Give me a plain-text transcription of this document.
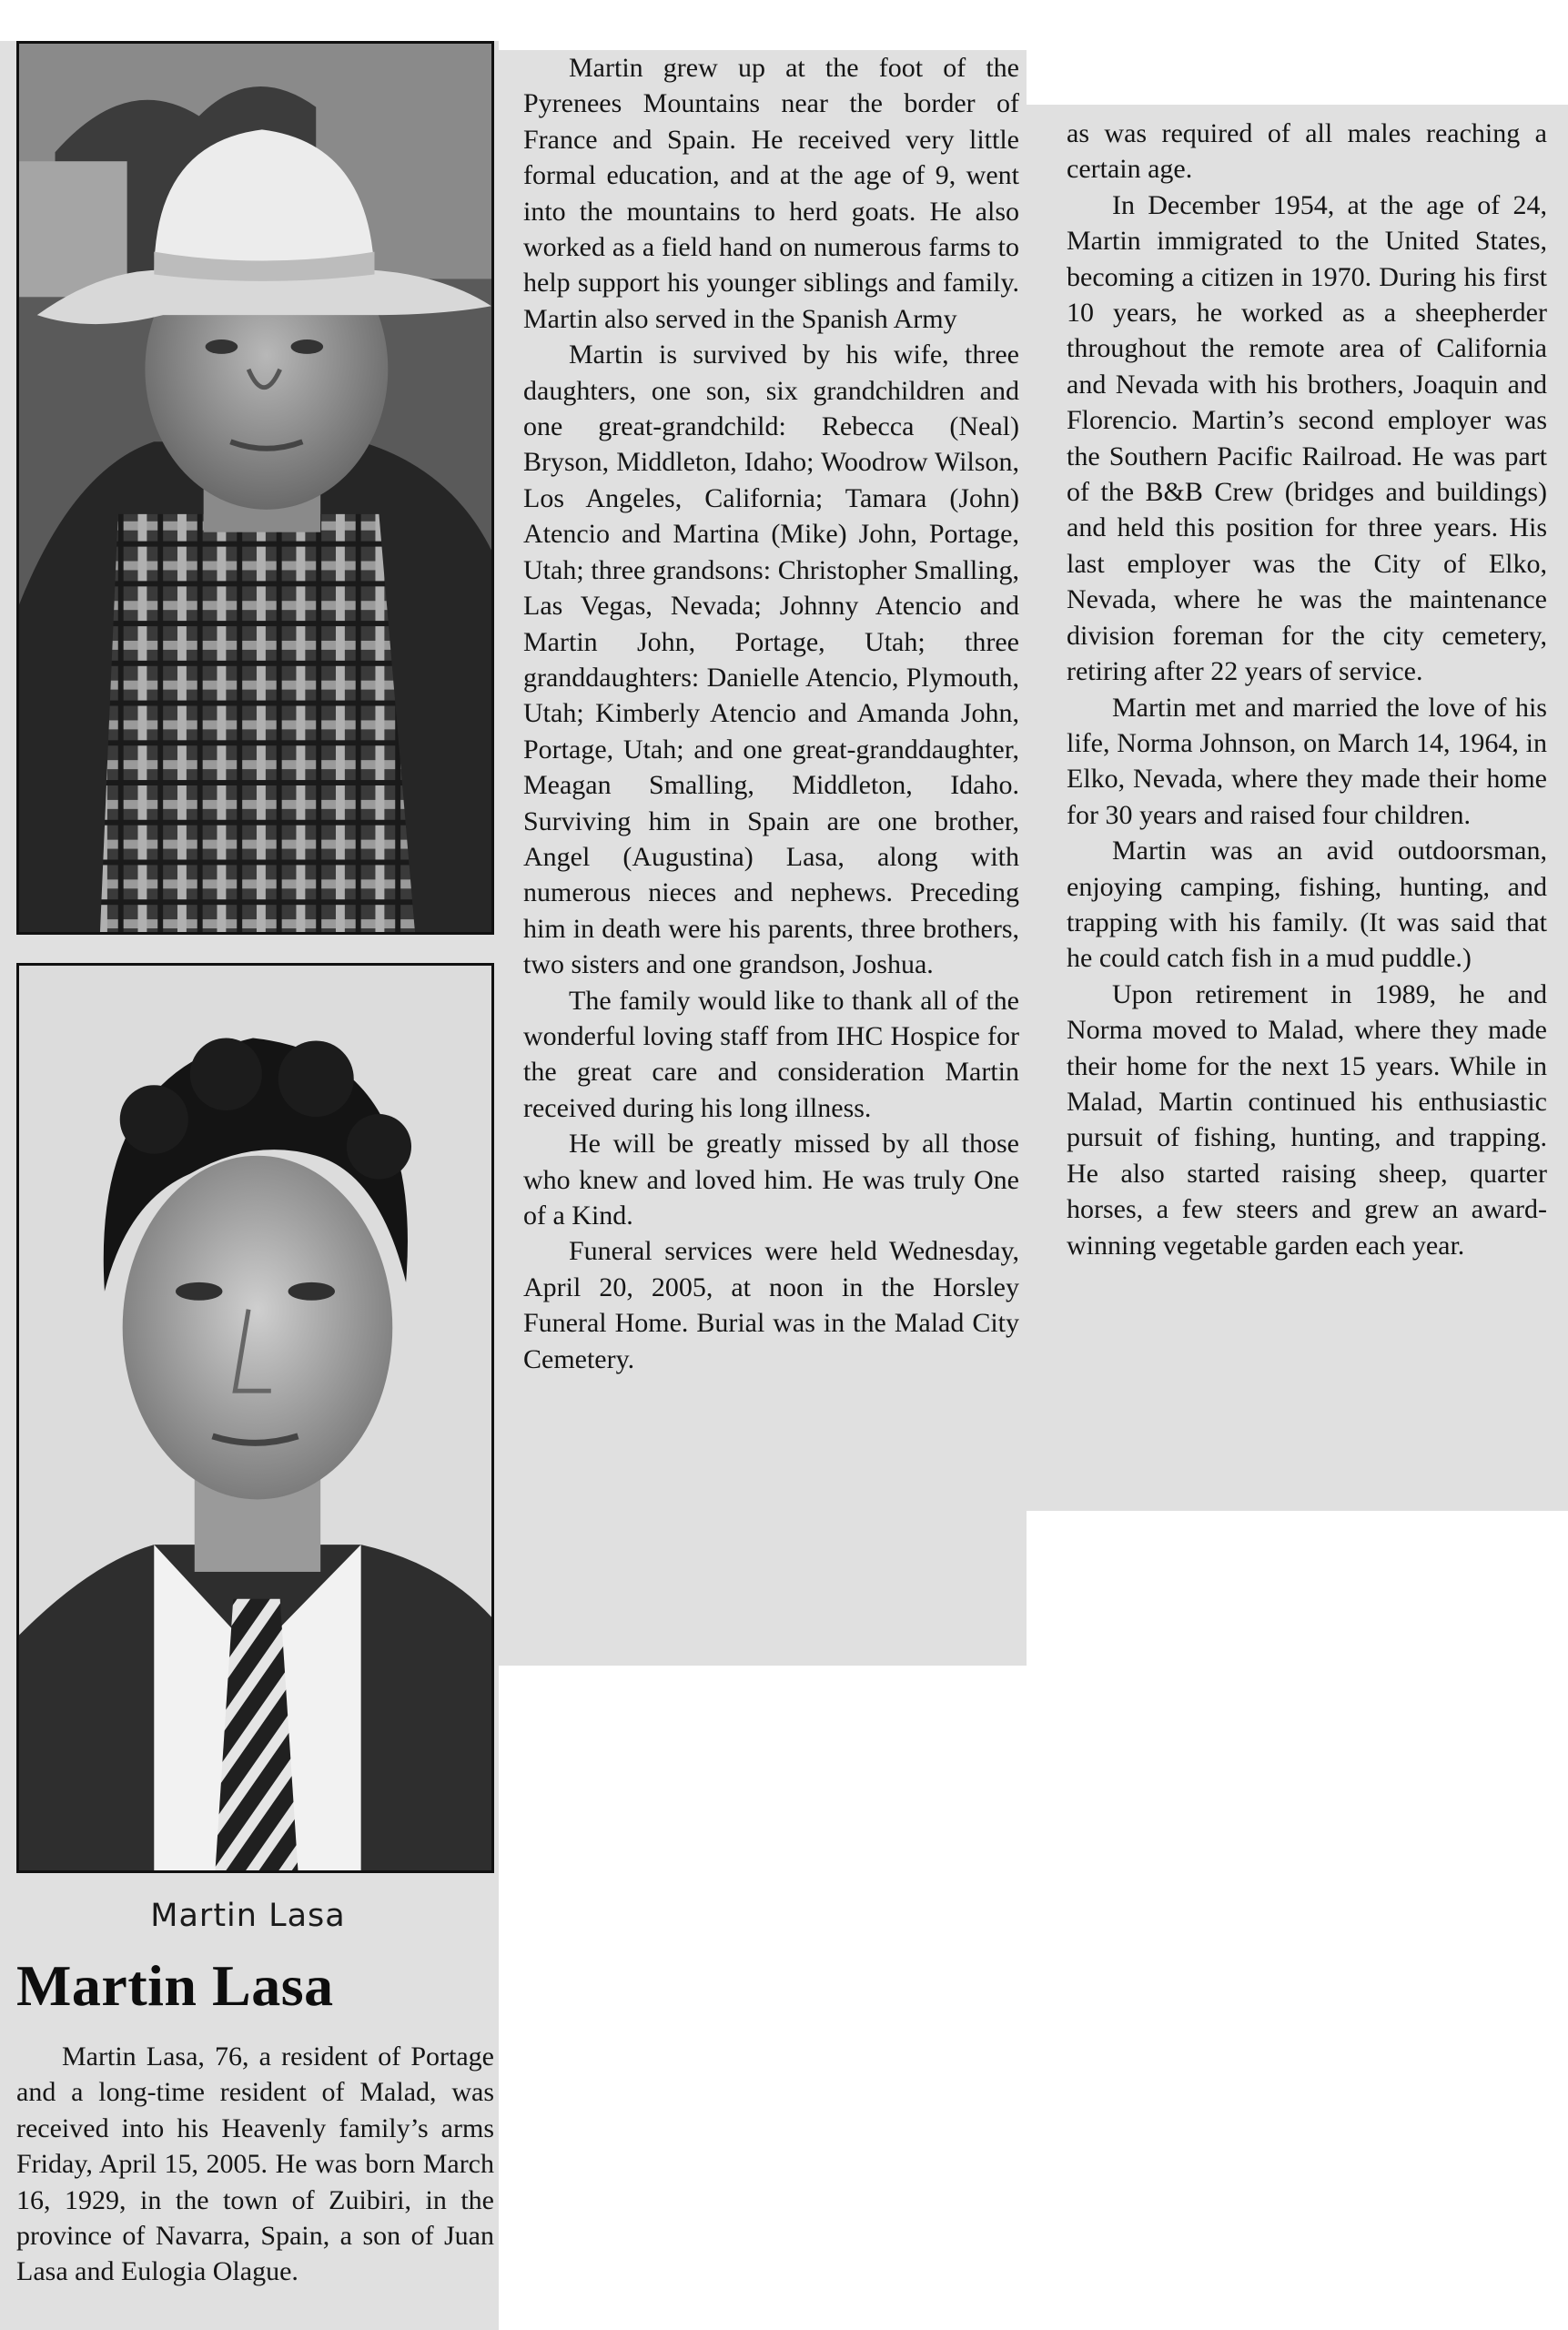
Martin Lasa
Martin Lasa

Martin Lasa, 76, a resident of Portage and a long-time resident of Malad, was received into his Heavenly family’s arms Friday, April 15, 2005. He was born March 16, 1929, in the town of Zuibiri, in the province of Navarra, Spain, a son of Juan Lasa and Eulogia Olague.

Martin grew up at the foot of the Pyrenees Mountains near the border of France and Spain. He received very little formal education, and at the age of 9, went into the mountains to herd goats. He also worked as a field hand on numerous farms to help support his younger siblings and family. Martin also served in the Spanish Army

Martin is survived by his wife, three daughters, one son, six grandchildren and one great-grandchild: Rebecca (Neal) Bryson, Middleton, Idaho; Woodrow Wilson, Los Angeles, California; Tamara (John) Atencio and Martina (Mike) John, Portage, Utah; three grandsons: Christopher Smalling, Las Vegas, Nevada; Johnny Atencio and Martin John, Portage, Utah; three granddaughters: Danielle Atencio, Plymouth, Utah; Kimberly Atencio and Amanda John, Portage, Utah; and one great-granddaughter, Meagan Smalling, Middleton, Idaho. Surviving him in Spain are one brother, Angel (Augustina) Lasa, along with numerous nieces and nephews. Preceding him in death were his parents, three brothers, two sisters and one grandson, Joshua.

The family would like to thank all of the wonderful loving staff from IHC Hospice for the great care and consideration Martin received during his long illness.

He will be greatly missed by all those who knew and loved him. He was truly One of a Kind.

Funeral services were held Wednesday, April 20, 2005, at noon in the Horsley Funeral Home. Burial was in the Malad City Cemetery.

as was required of all males reaching a certain age.

In December 1954, at the age of 24, Martin immigrated to the United States, becoming a citizen in 1970. During his first 10 years, he worked as a sheepherder throughout the remote area of California and Nevada with his brothers, Joaquin and Florencio. Martin’s second employer was the Southern Pacific Railroad. He was part of the B&B Crew (bridges and buildings) and held this position for three years. His last employer was the City of Elko, Nevada, where he was the maintenance division foreman for the city cemetery, retiring after 22 years of service.

Martin met and married the love of his life, Norma Johnson, on March 14, 1964, in Elko, Nevada, where they made their home for 30 years and raised four children.

Martin was an avid outdoorsman, enjoying camping, fishing, hunting, and trapping with his family. (It was said that he could catch fish in a mud puddle.)

Upon retirement in 1989, he and Norma moved to Malad, where they made their home for the next 15 years. While in Malad, Martin continued his enthusiastic pursuit of fishing, hunting, and trapping. He also started raising sheep, quarter horses, a few steers and grew an award-winning vegetable garden each year.
